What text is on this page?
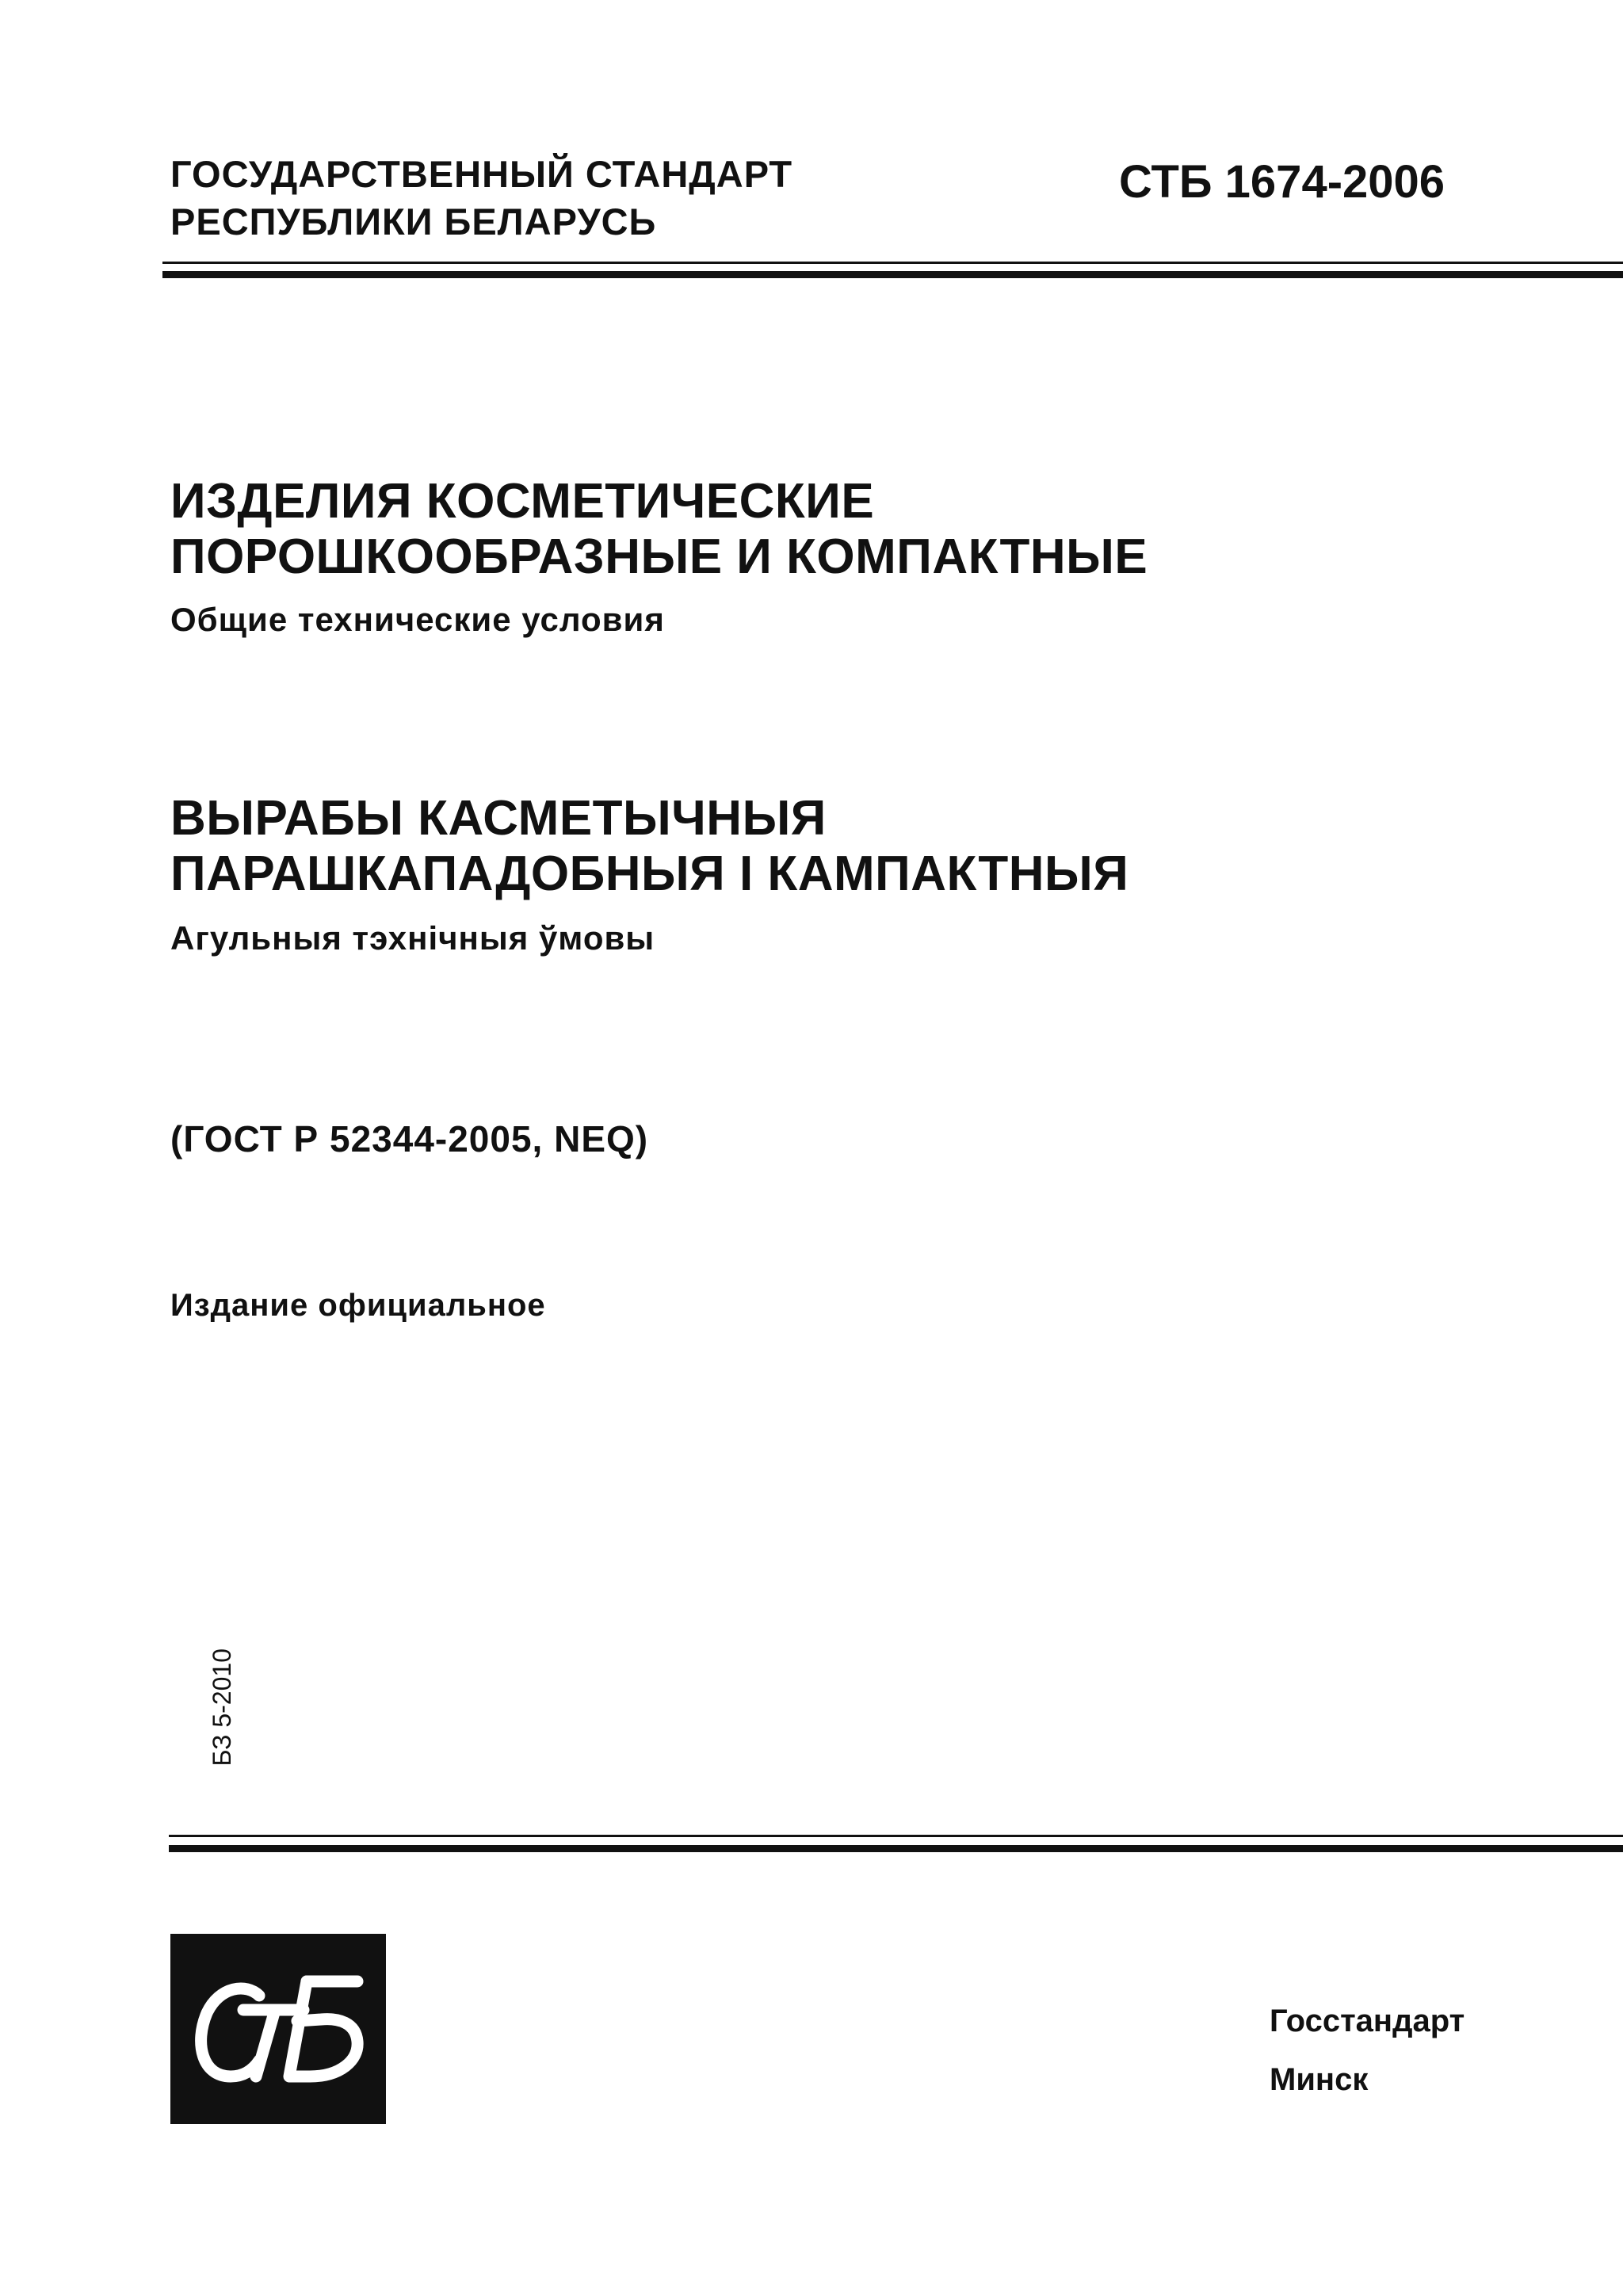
ГОСУДАРСТВЕННЫЙ СТАНДАРТ
РЕСПУБЛИКИ БЕЛАРУСЬ
СТБ 1674-2006
ИЗДЕЛИЯ КОСМЕТИЧЕСКИЕ
ПОРОШКООБРАЗНЫЕ И КОМПАКТНЫЕ
Общие технические условия
ВЫРАБЫ КАСМЕТЫЧНЫЯ
ПАРАШКАПАДОБНЫЯ І КАМПАКТНЫЯ
Агульныя тэхнічныя ўмовы
(ГОСТ Р 52344-2005, NEQ)
Издание официальное
БЗ 5-2010
Госстандарт
Минск
